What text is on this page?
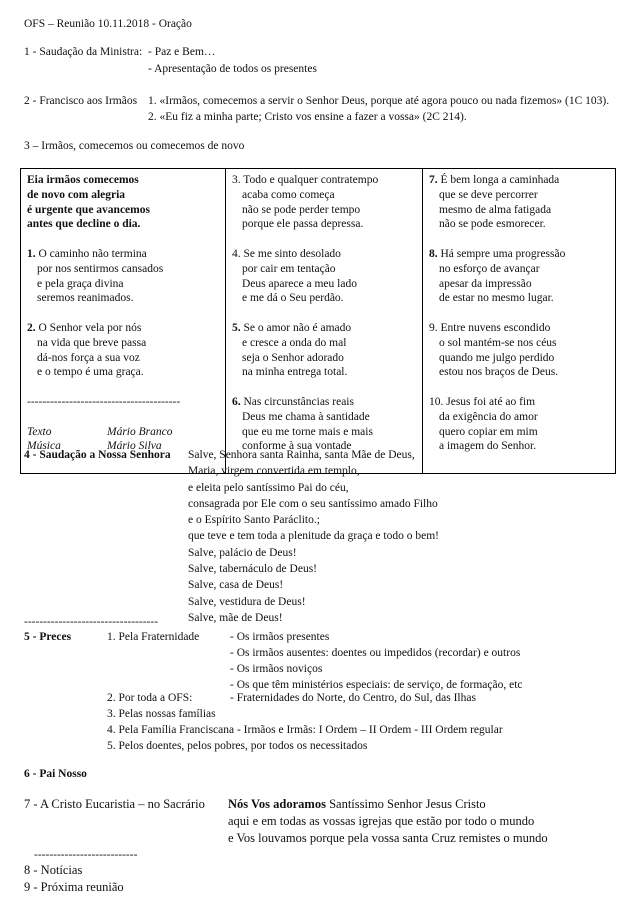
OFS – Reunião 10.11.2018 - Oração
1 - Saudação da Ministra: - Paz e Bem…
- Apresentação de todos os presentes
2 - Francisco aos Irmãos 1. «Irmãos, comecemos a servir o Senhor Deus, porque até agora pouco ou nada fizemos» (1C 103).
2. «Eu fiz a minha parte; Cristo vos ensine a fazer a vossa» (2C 214).
3 – Irmãos, comecemos ou comecemos de novo
Eia irmãos comecemos
de novo com alegria
é urgente que avancemos
antes que decline o dia.
1. O caminho não termina
por nos sentirmos cansados
e pela graça divina
seremos reanimados.
2. O Senhor vela por nós
na vida que breve passa
dá-nos força a sua voz
e o tempo é uma graça.
----------------------------------------
Texto	Mário Branco
Música	Mário Silva

3. Todo e qualquer contratempo
acaba como começa
não se pode perder tempo
porque ele passa depressa.
4. Se me sinto desolado
por cair em tentação
Deus aparece a meu lado
e me dá o Seu perdão.
5. Se o amor não é amado
e cresce a onda do mal
seja o Senhor adorado
na minha entrega total.
6. Nas circunstâncias reais
Deus me chama à santidade
que eu me torne mais e mais
conforme à sua vontade

7. É bem longa a caminhada
que se deve percorrer
mesmo de alma fatigada
não se pode esmorecer.
8. Há sempre uma progressão
no esforço de avançar
apesar da impressão
de estar no mesmo lugar.
9. Entre nuvens escondido
o sol mantém-se nos céus
quando me julgo perdido
estou nos braços de Deus.
10. Jesus foi até ao fim
da exigência do amor
quero copiar em mim
a imagem do Senhor.
4 - Saudação a Nossa Senhora Salve, Senhora santa Rainha, santa Mãe de Deus,
Maria, virgem convertida em templo,
e eleita pelo santíssimo Pai do céu,
consagrada por Ele com o seu santíssimo amado Filho
e o Espírito Santo Paráclito.;
que teve e tem toda a plenitude da graça e todo o bem!
Salve, palácio de Deus!
Salve, tabernáculo de Deus!
Salve, casa de Deus!
Salve, vestidura de Deus!
Salve, mãe de Deus!
-----------------------------------
5 - Preces	1. Pela Fraternidade	- Os irmãos presentes
- Os irmãos ausentes: doentes ou impedidos (recordar) e outros
- Os irmãos noviços
- Os que têm ministérios especiais: de serviço, de formação, etc
2. Por toda a OFS:	- Fraternidades do Norte, do Centro, do Sul, das Ilhas
3. Pelas nossas famílias
4. Pela Família Franciscana - Irmãos e Irmãs: I Ordem – II Ordem - III Ordem regular
5. Pelos doentes, pelos pobres, por todos os necessitados
6 - Pai Nosso
7 - A Cristo Eucaristia – no Sacrário Nós Vos adoramos Santíssimo Senhor Jesus Cristo
aqui e em todas as vossas igrejas que estão por todo o mundo
e Vos louvamos porque pela vossa santa Cruz remistes o mundo
---------------------------
8 - Notícias
9 - Próxima reunião
